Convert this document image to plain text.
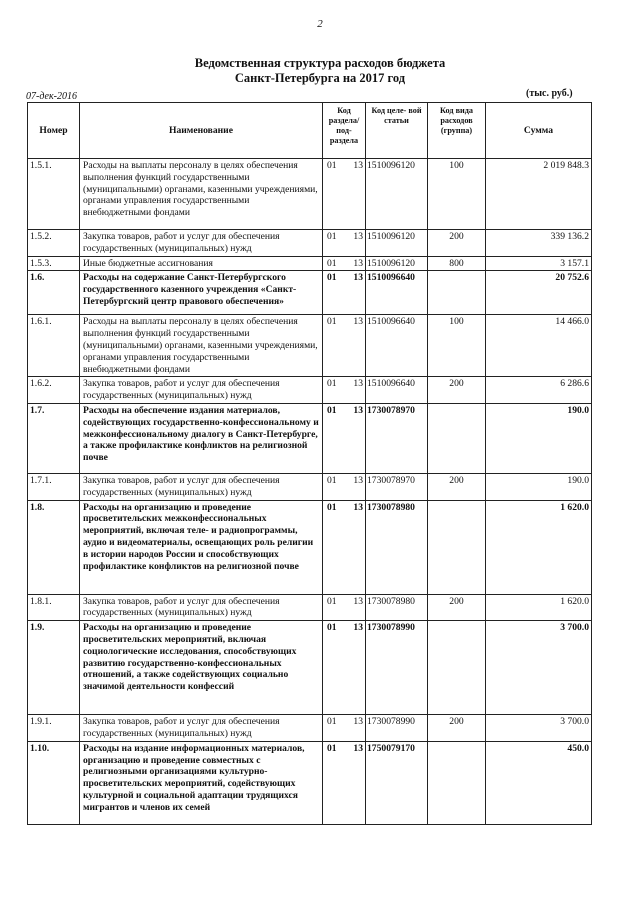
2
Ведомственная структура расходов бюджета
Санкт-Петербурга на 2017 год
07-дек-2016	(тыс. руб.)
Номер	Наименование	Код раздела/ под- раздела	Код целе- вой статьи	Код вида расходов (группа)	Сумма
1.5.1.	Расходы на выплаты персоналу в целях обеспечения выполнения функций государственными (муниципальными) органами, казенными учреждениями, органами управления государственными внебюджетными фондами	01 13	1510096120	100	2 019 848.3
1.5.2.	Закупка товаров, работ и услуг для обеспечения государственных (муниципальных) нужд	01 13	1510096120	200	339 136.2
1.5.3.	Иные бюджетные ассигнования	01 13	1510096120	800	3 157.1
1.6.	Расходы на содержание Санкт-Петербургского государственного казенного учреждения «Санкт-Петербургский центр правового обеспечения»	01 13	1510096640		20 752.6
1.6.1.	Расходы на выплаты персоналу в целях обеспечения выполнения функций государственными (муниципальными) органами, казенными учреждениями, органами управления государственными внебюджетными фондами	01 13	1510096640	100	14 466.0
1.6.2.	Закупка товаров, работ и услуг для обеспечения государственных (муниципальных) нужд	01 13	1510096640	200	6 286.6
1.7.	Расходы на обеспечение издания материалов, содействующих государственно-конфессиональному и межконфессиональному диалогу в Санкт-Петербурге, а также профилактике конфликтов на религиозной почве	01 13	1730078970		190.0
1.7.1.	Закупка товаров, работ и услуг для обеспечения государственных (муниципальных) нужд	01 13	1730078970	200	190.0
1.8.	Расходы на организацию и проведение просветительских межконфессиональных мероприятий, включая теле- и радиопрограммы, аудио и видеоматериалы, освещающих роль религии в истории народов России и способствующих профилактике конфликтов на религиозной почве	01 13	1730078980		1 620.0
1.8.1.	Закупка товаров, работ и услуг для обеспечения государственных (муниципальных) нужд	01 13	1730078980	200	1 620.0
1.9.	Расходы на организацию и проведение просветительских мероприятий, включая социологические исследования, способствующих развитию государственно-конфессиональных отношений, а также содействующих социально значимой деятельности конфессий	01 13	1730078990		3 700.0
1.9.1.	Закупка товаров, работ и услуг для обеспечения государственных (муниципальных) нужд	01 13	1730078990	200	3 700.0
1.10.	Расходы на издание информационных материалов, организацию и проведение совместных с религиозными организациями культурно-просветительских мероприятий, содействующих культурной и социальной адаптации трудящихся мигрантов и членов их семей	01 13	1750079170		450.0
